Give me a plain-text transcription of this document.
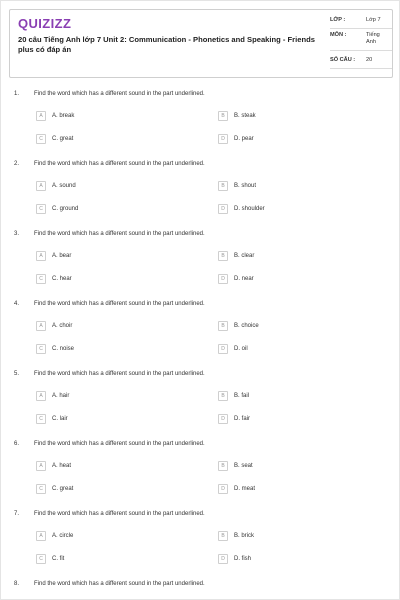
QUIZIZZ
20 câu Tiếng Anh lớp 7 Unit 2: Communication - Phonetics and Speaking - Friends plus có đáp án
LỚP :	Lớp 7
MÔN :	Tiếng Anh
SỐ CÂU : 20
1. Find the word which has a different sound in the part underlined.
A	A. break	B	B. steak
C	C. great	D	D. pear
2. Find the word which has a different sound in the part underlined.
A	A. sound	B	B. shout
C	C. ground	D	D. shoulder
3. Find the word which has a different sound in the part underlined.
A	A. bear	B	B. clear
C	C. hear	D	D. near
4. Find the word which has a different sound in the part underlined.
A	A. choir	B	B. choice
C	C. noise	D	D. oil
5. Find the word which has a different sound in the part underlined.
A	A. hair	B	B. fail
C	C. lair	D	D. fair
6. Find the word which has a different sound in the part underlined.
A	A. heat	B	B. seat
C	C. great	D	D. meat
7. Find the word which has a different sound in the part underlined.
A	A. circle	B	B. brick
C	C. fit	D	D. fish
8. Find the word which has a different sound in the part underlined.
